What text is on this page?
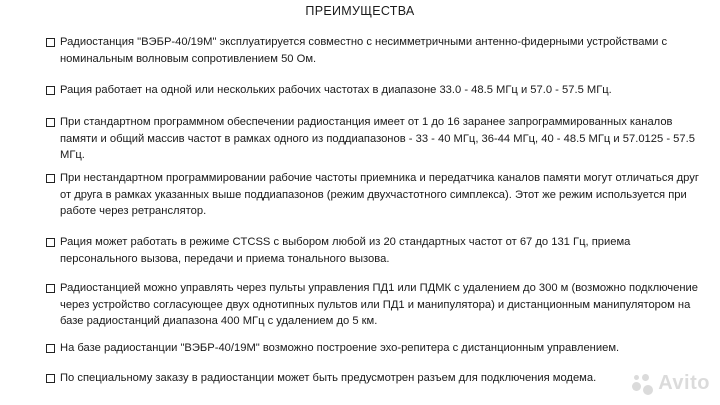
ПРЕИМУЩЕСТВА
Радиостанция "ВЭБР-40/19М" эксплуатируется совместно с несимметричными антенно-фидерными устройствами с номинальным волновым сопротивлением 50 Ом.
Рация работает на одной или нескольких рабочих частотах в диапазоне 33.0 - 48.5 МГц и 57.0 - 57.5 МГц.
При стандартном программном обеспечении радиостанция имеет от 1 до 16 заранее запрограммированных каналов памяти и общий массив частот в рамках одного из поддиапазонов - 33 - 40 МГц, 36-44 МГц, 40 - 48.5 МГц и 57.0125 - 57.5 МГц.
При нестандартном программировании рабочие частоты приемника и передатчика каналов памяти могут отличаться друг от друга в рамках указанных выше поддиапазонов (режим двухчастотного симплекса). Этот же режим используется при работе через ретранслятор.
Рация может работать в режиме CTCSS с выбором любой из 20 стандартных частот от 67 до 131 Гц, приема персонального вызова, передачи и приема тонального вызова.
Радиостанцией можно управлять через пульты управления ПД1 или ПДМК с удалением до 300 м (возможно подключение через устройство согласующее двух однотипных пультов или ПД1 и манипулятора) и дистанционным манипулятором на базе радиостанций диапазона 400 МГц с удалением до 5 км.
На базе радиостанции "ВЭБР-40/19М" возможно построение эхо-репитера с дистанционным управлением.
По специальному заказу в радиостанции может быть предусмотрен разъем для подключения модема.	Avito
